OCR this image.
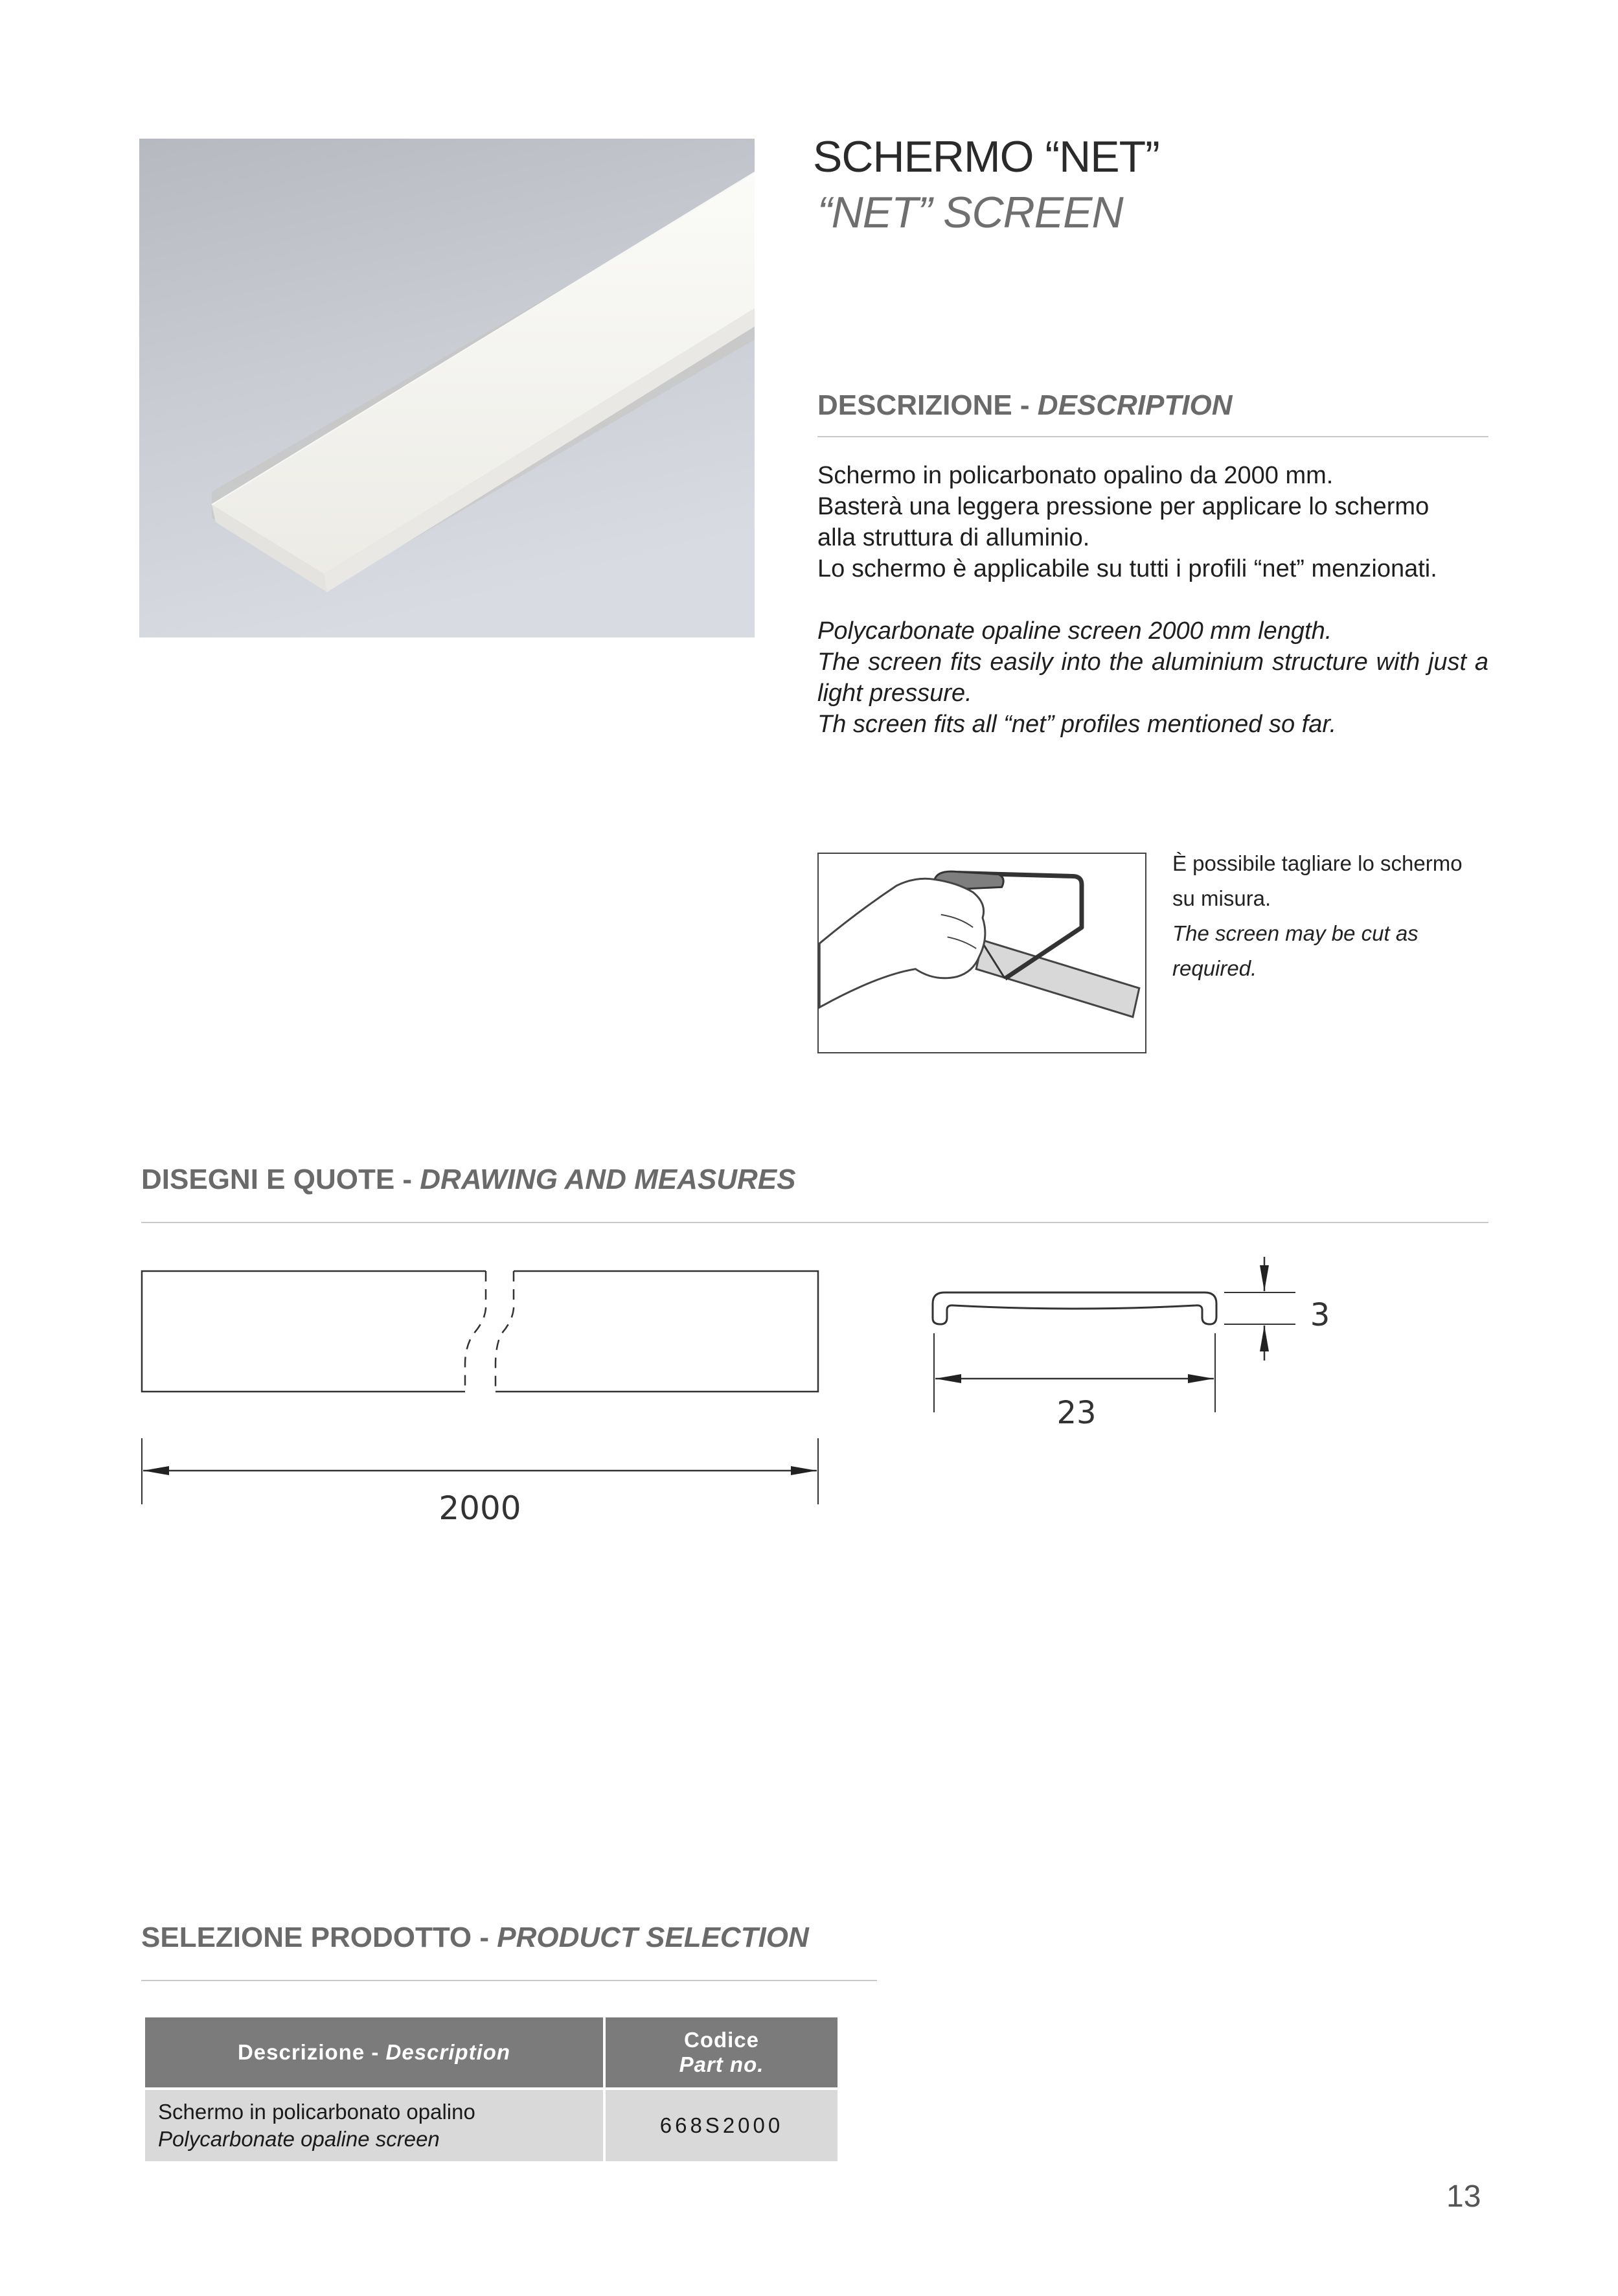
SCHERMO “NET”
“NET” SCREEN
DESCRIZIONE - DESCRIPTION
Schermo in policarbonato opalino da 2000 mm.
Basterà una leggera pressione per applicare lo schermo
alla struttura di alluminio.
Lo schermo è applicabile su tutti i profili “net” menzionati.
Polycarbonate opaline screen 2000 mm length.
The screen fits easily into the aluminium structure with just a light pressure.
Th screen fits all “net” profiles mentioned so far.
È possibile tagliare lo schermo
su misura.
The screen may be cut as
required.
DISEGNI E QUOTE - DRAWING AND MEASURES
2000
23
3
SELEZIONE PRODOTTO - PRODUCT SELECTION
Descrizione - Description	Codice
Part no.

Schermo in policarbonato opalino
Polycarbonate opaline screen	668S2000
13
